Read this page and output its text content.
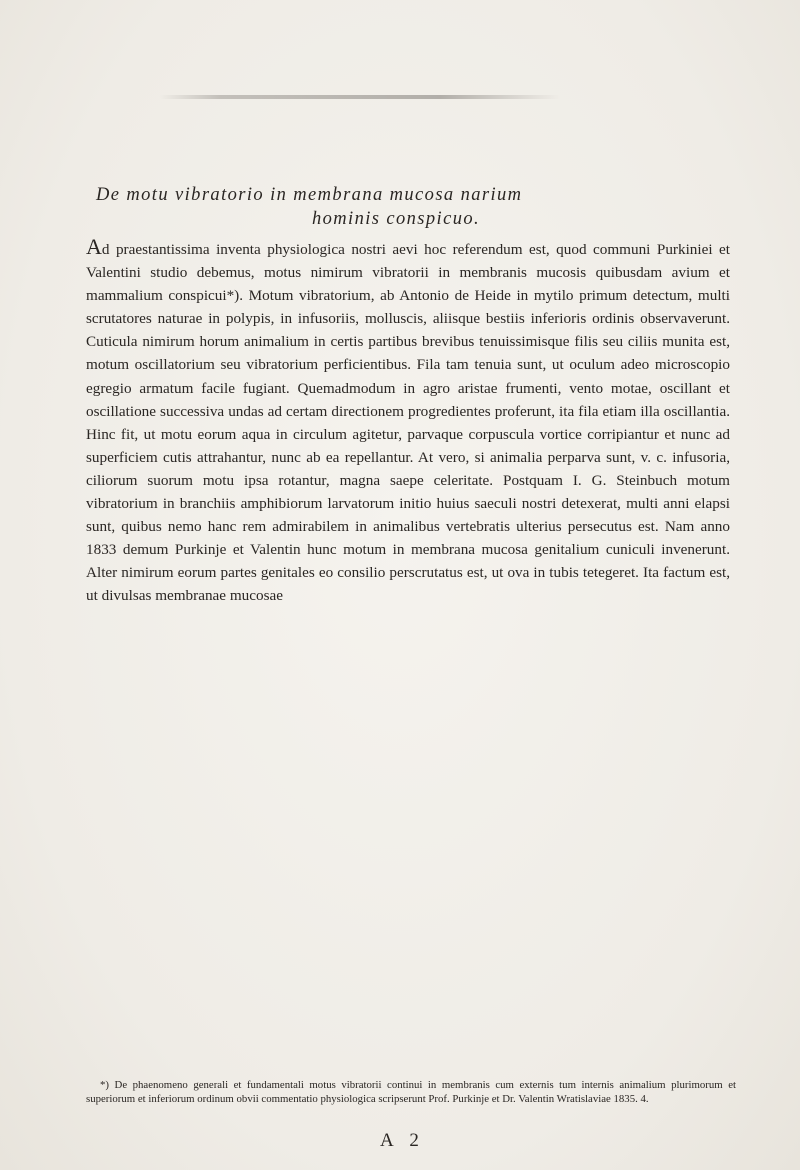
De motu vibratorio in membrana mucosa narium
hominis conspicuo.

Ad praestantissima inventa physiologica nostri aevi hoc referendum est, quod communi Purkiniei et Valentini studio debemus, motus nimirum vibratorii in membranis mucosis quibusdam avium et mammalium conspicui*). Motum vibratorium, ab Antonio de Heide in mytilo primum detectum, multi scrutatores naturae in polypis, in infusoriis, molluscis, aliisque bestiis inferioris ordinis observaverunt. Cuticula nimirum horum animalium in certis partibus brevibus tenuissimisque filis seu ciliis munita est, motum oscillatorium seu vibratorium perficientibus. Fila tam tenuia sunt, ut oculum adeo microscopio egregio armatum facile fugiant. Quemadmodum in agro aristae frumenti, vento motae, oscillant et oscillatione successiva undas ad certam directionem progredientes proferunt, ita fila etiam illa oscillantia. Hinc fit, ut motu eorum aqua in circulum agitetur, parvaque corpuscula vortice corripiantur et nunc ad superficiem cutis attrahantur, nunc ab ea repellantur. At vero, si animalia perparva sunt, v. c. infusoria, ciliorum suorum motu ipsa rotantur, magna saepe celeritate. Postquam I. G. Steinbuch motum vibratorium in branchiis amphibiorum larvatorum initio huius saeculi nostri detexerat, multi anni elapsi sunt, quibus nemo hanc rem admirabilem in animalibus vertebratis ulterius persecutus est. Nam anno 1833 demum Purkinje et Valentin hunc motum in membrana mucosa genitalium cuniculi invenerunt. Alter nimirum eorum partes genitales eo consilio perscrutatus est, ut ova in tubis tetegeret. Ita factum est, ut divulsas membranae mucosae

*) De phaenomeno generali et fundamentali motus vibratorii continui in membranis cum externis tum internis animalium plurimorum et superiorum et inferiorum ordinum obvii commentatio physiologica scripserunt Prof. Purkinje et Dr. Valentin Wratislaviae 1835. 4.

A 2
